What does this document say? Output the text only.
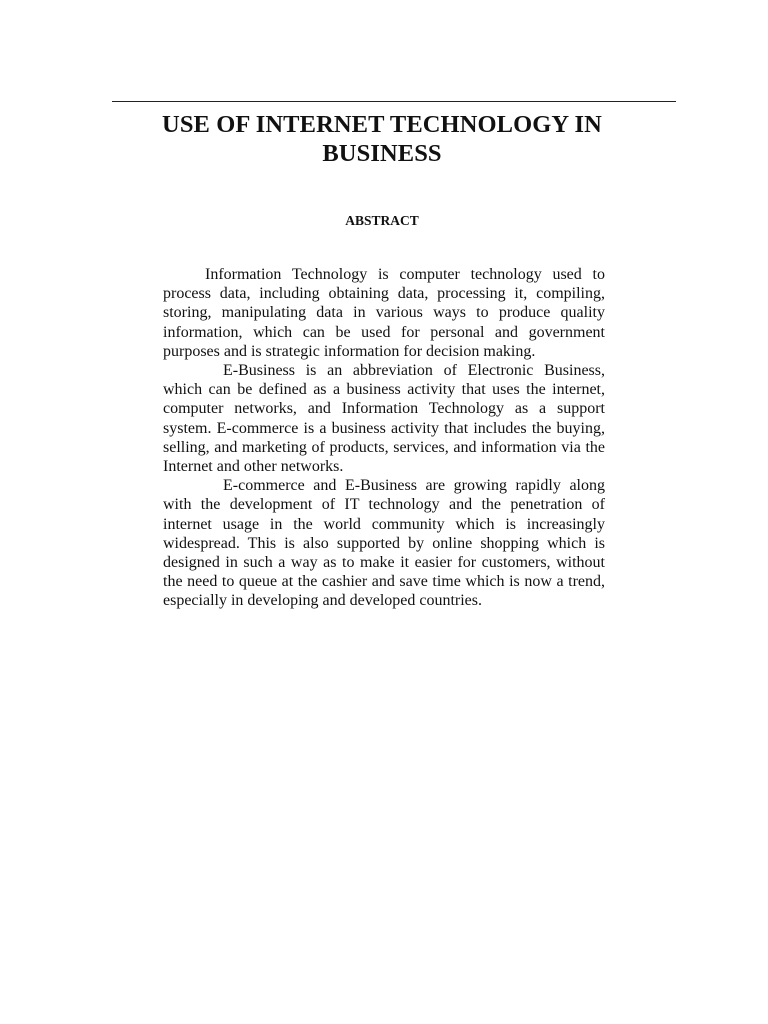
USE OF INTERNET TECHNOLOGY IN
BUSINESS
ABSTRACT

Information Technology is computer technology used to process data, including obtaining data, processing it, compiling, storing, manipulating data in various ways to produce quality information, which can be used for personal and government purposes and is strategic information for decision making.

E-Business is an abbreviation of Electronic Business, which can be defined as a business activity that uses the internet, computer networks, and Information Technology as a support system. E-commerce is a business activity that includes the buying, selling, and marketing of products, services, and information via the Internet and other networks.

E-commerce and E-Business are growing rapidly along with the development of IT technology and the penetration of internet usage in the world community which is increasingly widespread. This is also supported by online shopping which is designed in such a way as to make it easier for customers, without the need to queue at the cashier and save time which is now a trend, especially in developing and developed countries.
